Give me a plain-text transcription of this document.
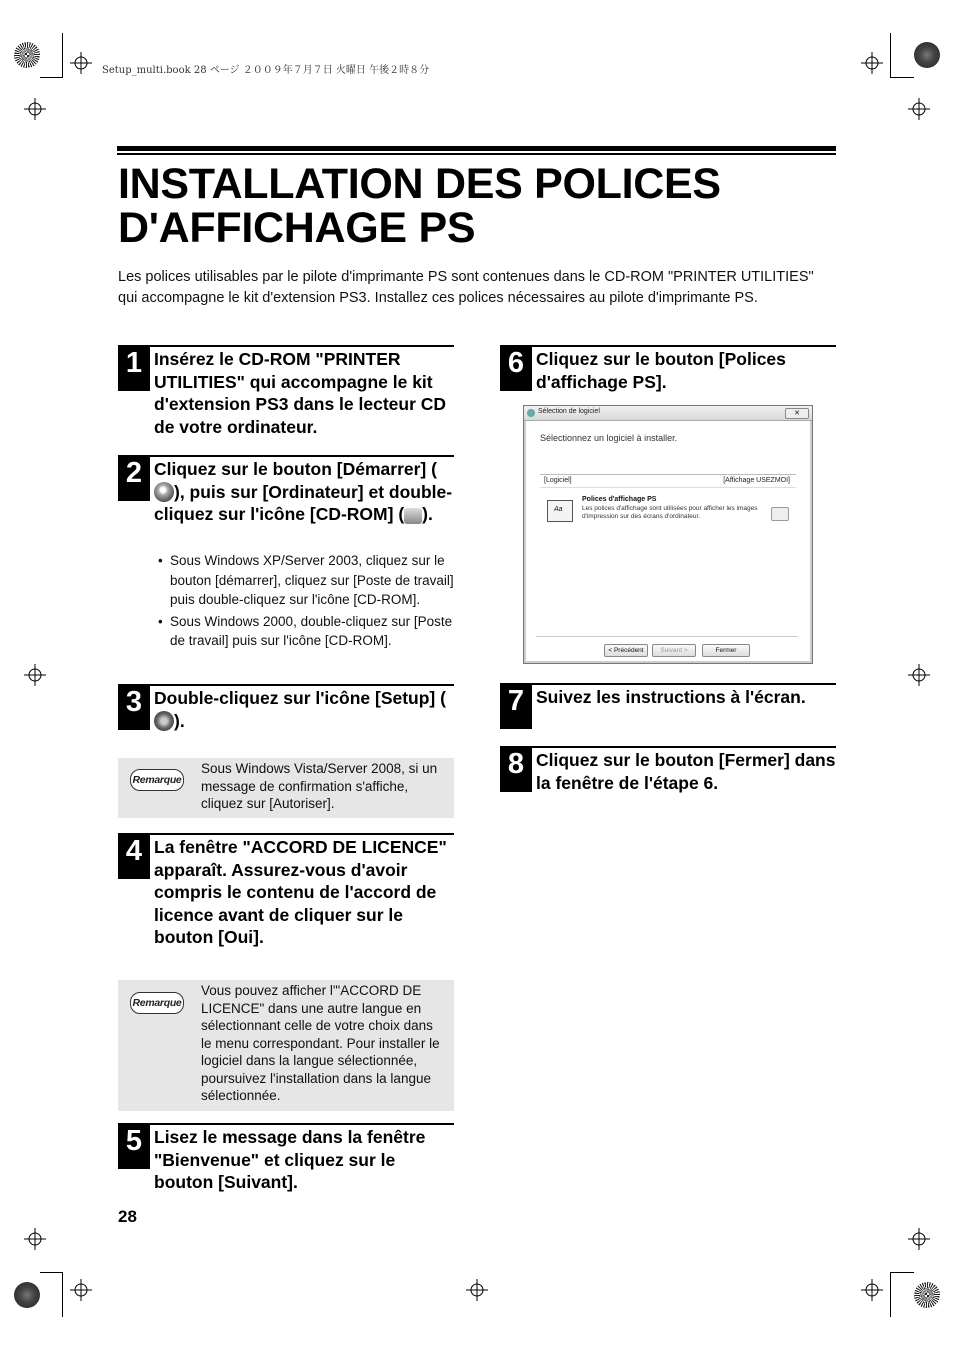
Setup_multi.book 28 ページ ２００９年７月７日 火曜日 午後２時８分
INSTALLATION DES POLICES D'AFFICHAGE PS

Les polices utilisables par le pilote d'imprimante PS sont contenues dans le CD-ROM "PRINTER UTILITIES" qui accompagne le kit d'extension PS3. Installez ces polices nécessaires au pilote d'imprimante PS.

1 Insérez le CD-ROM "PRINTER UTILITIES" qui accompagne le kit d'extension PS3 dans le lecteur CD de votre ordinateur.

2 Cliquez sur le bouton [Démarrer] (), puis sur [Ordinateur] et double-cliquez sur l'icône [CD-ROM] ( ).

• Sous Windows XP/Server 2003, cliquez sur le bouton [démarrer], cliquez sur [Poste de travail] puis double-cliquez sur l'icône [CD-ROM].
• Sous Windows 2000, double-cliquez sur [Poste de travail] puis sur l'icône [CD-ROM].
3 Double-cliquez sur l'icône [Setup] ().

Remarque

Sous Windows Vista/Server 2008, si un message de confirmation s'affiche, cliquez sur [Autoriser].

4 La fenêtre "ACCORD DE LICENCE" apparaît. Assurez-vous d'avoir compris le contenu de l'accord de licence avant de cliquer sur le bouton [Oui].

Remarque

Vous pouvez afficher l'"ACCORD DE LICENCE" dans une autre langue en sélectionnant celle de votre choix dans le menu correspondant. Pour installer le logiciel dans la langue sélectionnée, poursuivez l'installation dans la langue sélectionnée.

5 Lisez le message dans la fenêtre "Bienvenue" et cliquez sur le bouton [Suivant].

6 Cliquez sur le bouton [Polices d'affichage PS].

Sélection de logiciel	✕
Sélectionnez un logiciel à installer.
[Logiciel]	[Affichage USEZMOI]
Aa
Polices d'affichage PS
Les polices d'affichage sont utilisées pour afficher les images d'impression sur des écrans d'ordinateur.
< Précédent	Suivant >	Fermer
7 Suivez les instructions à l'écran.

8 Cliquez sur le bouton [Fermer] dans la fenêtre de l'étape 6.

28
